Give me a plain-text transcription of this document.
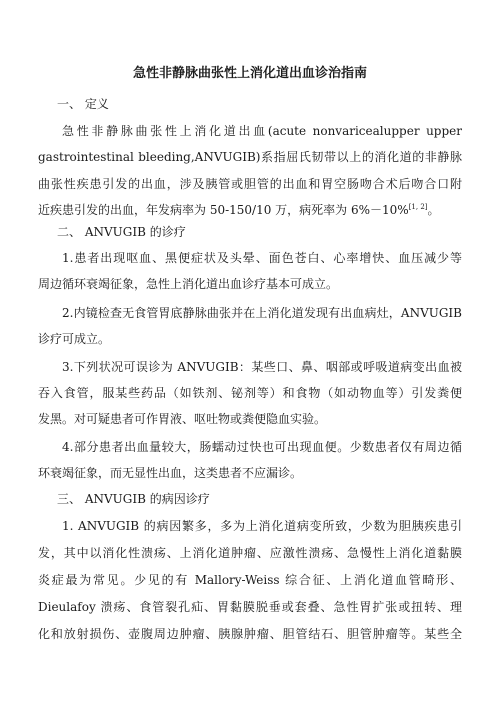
急性非静脉曲张性上消化道出血诊治指南
一、 定义
急性非静脉曲张性上消化道出血(acute nonvaricealupper upper
gastrointestinal bleeding,ANVUGIB)系指屈氏韧带以上的消化道的非静脉
曲张性疾患引发的出血，涉及胰管或胆管的出血和胃空肠吻合术后吻合口附
近疾患引发的出血，年发病率为 50-150/10 万，病死率为 6%－10%[1, 2]。
二、 ANVUGIB 的诊疗
1.患者出现呕血、黑便症状及头晕、面色苍白、心率增快、血压减少等
周边循环衰竭征象，急性上消化道出血诊疗基本可成立。
2.内镜检查无食管胃底静脉曲张并在上消化道发现有出血病灶，ANVUGIB
诊疗可成立。
3.下列状况可误诊为 ANVUGIB：某些口、鼻、咽部或呼吸道病变出血被
吞入食管，服某些药品（如铁剂、铋剂等）和食物（如动物血等）引发粪便
发黑。对可疑患者可作胃液、呕吐物或粪便隐血实验。
4.部分患者出血量较大，肠蠕动过快也可出现血便。少数患者仅有周边循
环衰竭征象，而无显性出血，这类患者不应漏诊。
三、 ANVUGIB 的病因诊疗
1. ANVUGIB 的病因繁多，多为上消化道病变所致，少数为胆胰疾患引
发，其中以消化性溃疡、上消化道肿瘤、应激性溃疡、急慢性上消化道黏膜
炎症最为常见。少见的有 Mallory-Weiss 综合征、上消化道血管畸形、
Dieulafoy 溃疡、食管裂孔疝、胃黏膜脱垂或套叠、急性胃扩张或扭转、理
化和放射损伤、壶腹周边肿瘤、胰腺肿瘤、胆管结石、胆管肿瘤等。某些全
